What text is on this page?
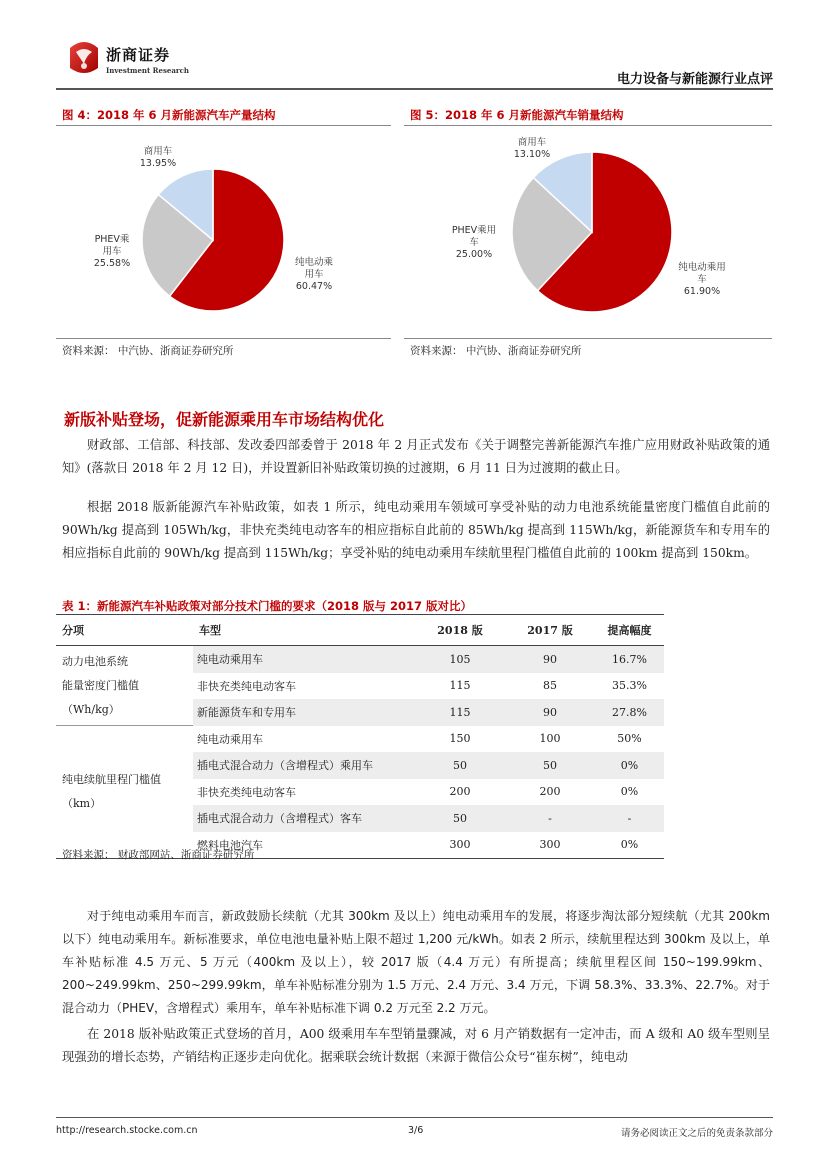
浙商证券
Investment Research
电力设备与新能源行业点评
图 4：2018 年 6 月新能源汽车产量结构
商用车
13.95%
PHEV乘
用车
25.58%	纯电动乘
用车
60.47%
资料来源： 中汽协、浙商证券研究所
图 5：2018 年 6 月新能源汽车销量结构
商用车
13.10%
PHEV乘用
车
25.00%
纯电动乘用
车
61.90%
资料来源： 中汽协、浙商证券研究所
新版补贴登场，促新能源乘用车市场结构优化
财政部、工信部、科技部、发改委四部委曾于 2018 年 2 月正式发布《关于调整完善新能源汽车推广应用财政补贴政策的通知》(落款日 2018 年 2 月 12 日)，并设置新旧补贴政策切换的过渡期，6 月 11 日为过渡期的截止日。
根据 2018 版新能源汽车补贴政策，如表 1 所示，纯电动乘用车领域可享受补贴的动力电池系统能量密度门槛值自此前的 90Wh/kg 提高到 105Wh/kg，非快充类纯电动客车的相应指标自此前的 85Wh/kg 提高到 115Wh/kg，新能源货车和专用车的相应指标自此前的 90Wh/kg 提高到 115Wh/kg；享受补贴的纯电动乘用车续航里程门槛值自此前的 100km 提高到 150km。
表 1：新能源汽车补贴政策对部分技术门槛的要求（2018 版与 2017 版对比）
分项	车型	2018 版	2017 版	提高幅度

动力电池系统
能量密度门槛值
（Wh/kg）	纯电动乘用车	105	90	16.7%
	非快充类纯电动客车	115	85	35.3%
	新能源货车和专用车	115	90	27.8%

纯电续航里程门槛值
（km）	纯电动乘用车	150	100	50%
	插电式混合动力（含增程式）乘用车	50	50	0%
	非快充类纯电动客车	200	200	0%
	插电式混合动力（含增程式）客车	50	-	-
	燃料电池汽车	300	300	0%
资料来源： 财政部网站、浙商证券研究所
对于纯电动乘用车而言，新政鼓励长续航（尤其 300km 及以上）纯电动乘用车的发展，将逐步淘汰部分短续航（尤其 200km 以下）纯电动乘用车。新标准要求，单位电池电量补贴上限不超过 1,200 元/kWh。如表 2 所示，续航里程达到 300km 及以上，单车补贴标准 4.5 万元、5 万元（400km 及以上），较 2017 版（4.4 万元）有所提高；续航里程区间 150~199.99km、200~249.99km、250~299.99km，单车补贴标准分别为 1.5 万元、2.4 万元、3.4 万元，下调 58.3%、33.3%、22.7%。对于混合动力（PHEV，含增程式）乘用车，单车补贴标准下调 0.2 万元至 2.2 万元。
在 2018 版补贴政策正式登场的首月，A00 级乘用车车型销量骤减，对 6 月产销数据有一定冲击，而 A 级和 A0 级车型则呈现强劲的增长态势，产销结构正逐步走向优化。据乘联会统计数据（来源于微信公众号“崔东树”，纯电动
http://research.stocke.com.cn	3/6	请务必阅读正文之后的免责条款部分
